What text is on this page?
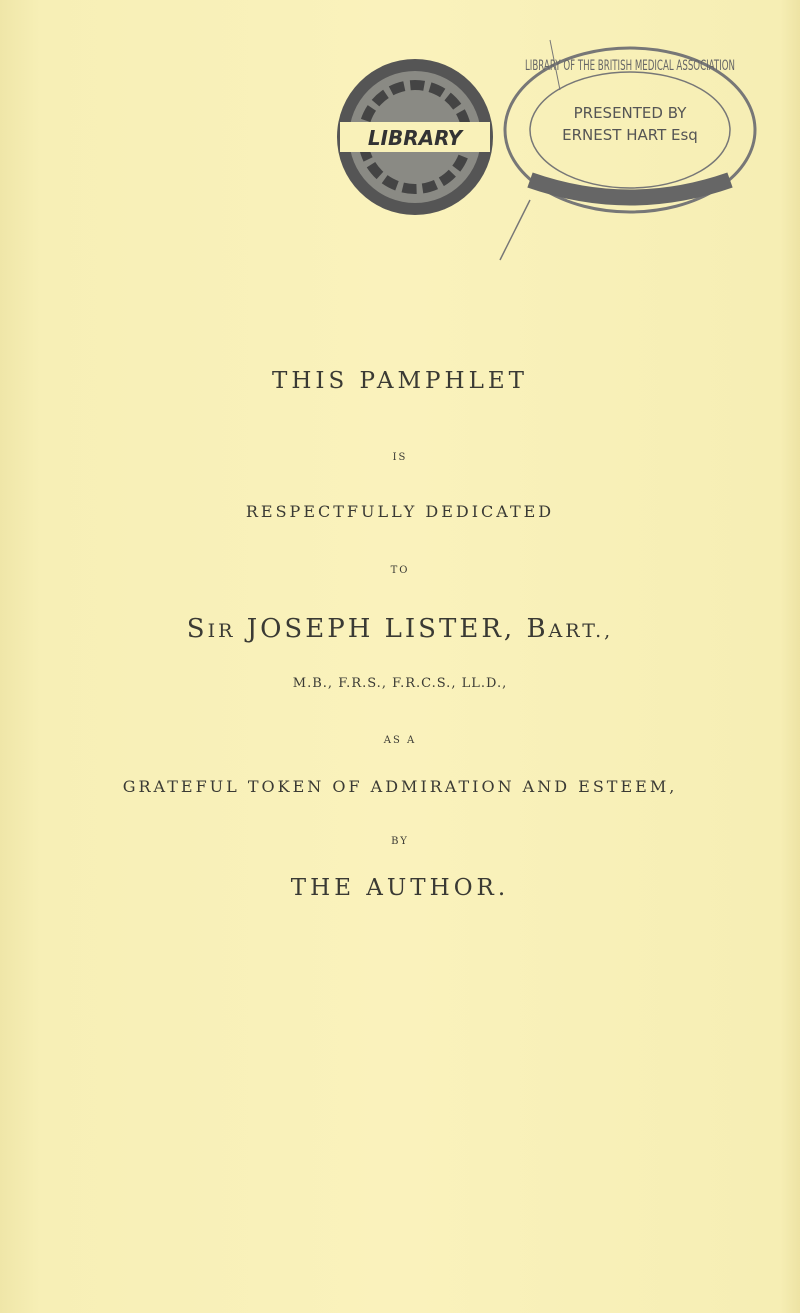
LIBRARY
LIBRARY OF THE BRITISH MEDICAL ASSOCIATION
PRESENTED BY
ERNEST HART Esq
THIS PAMPHLET
IS
RESPECTFULLY DEDICATED
TO
SIR JOSEPH LISTER, BART.,
M.B., F.R.S., F.R.C.S., LL.D.,
AS A
GRATEFUL TOKEN OF ADMIRATION AND ESTEEM,
BY
THE AUTHOR.
